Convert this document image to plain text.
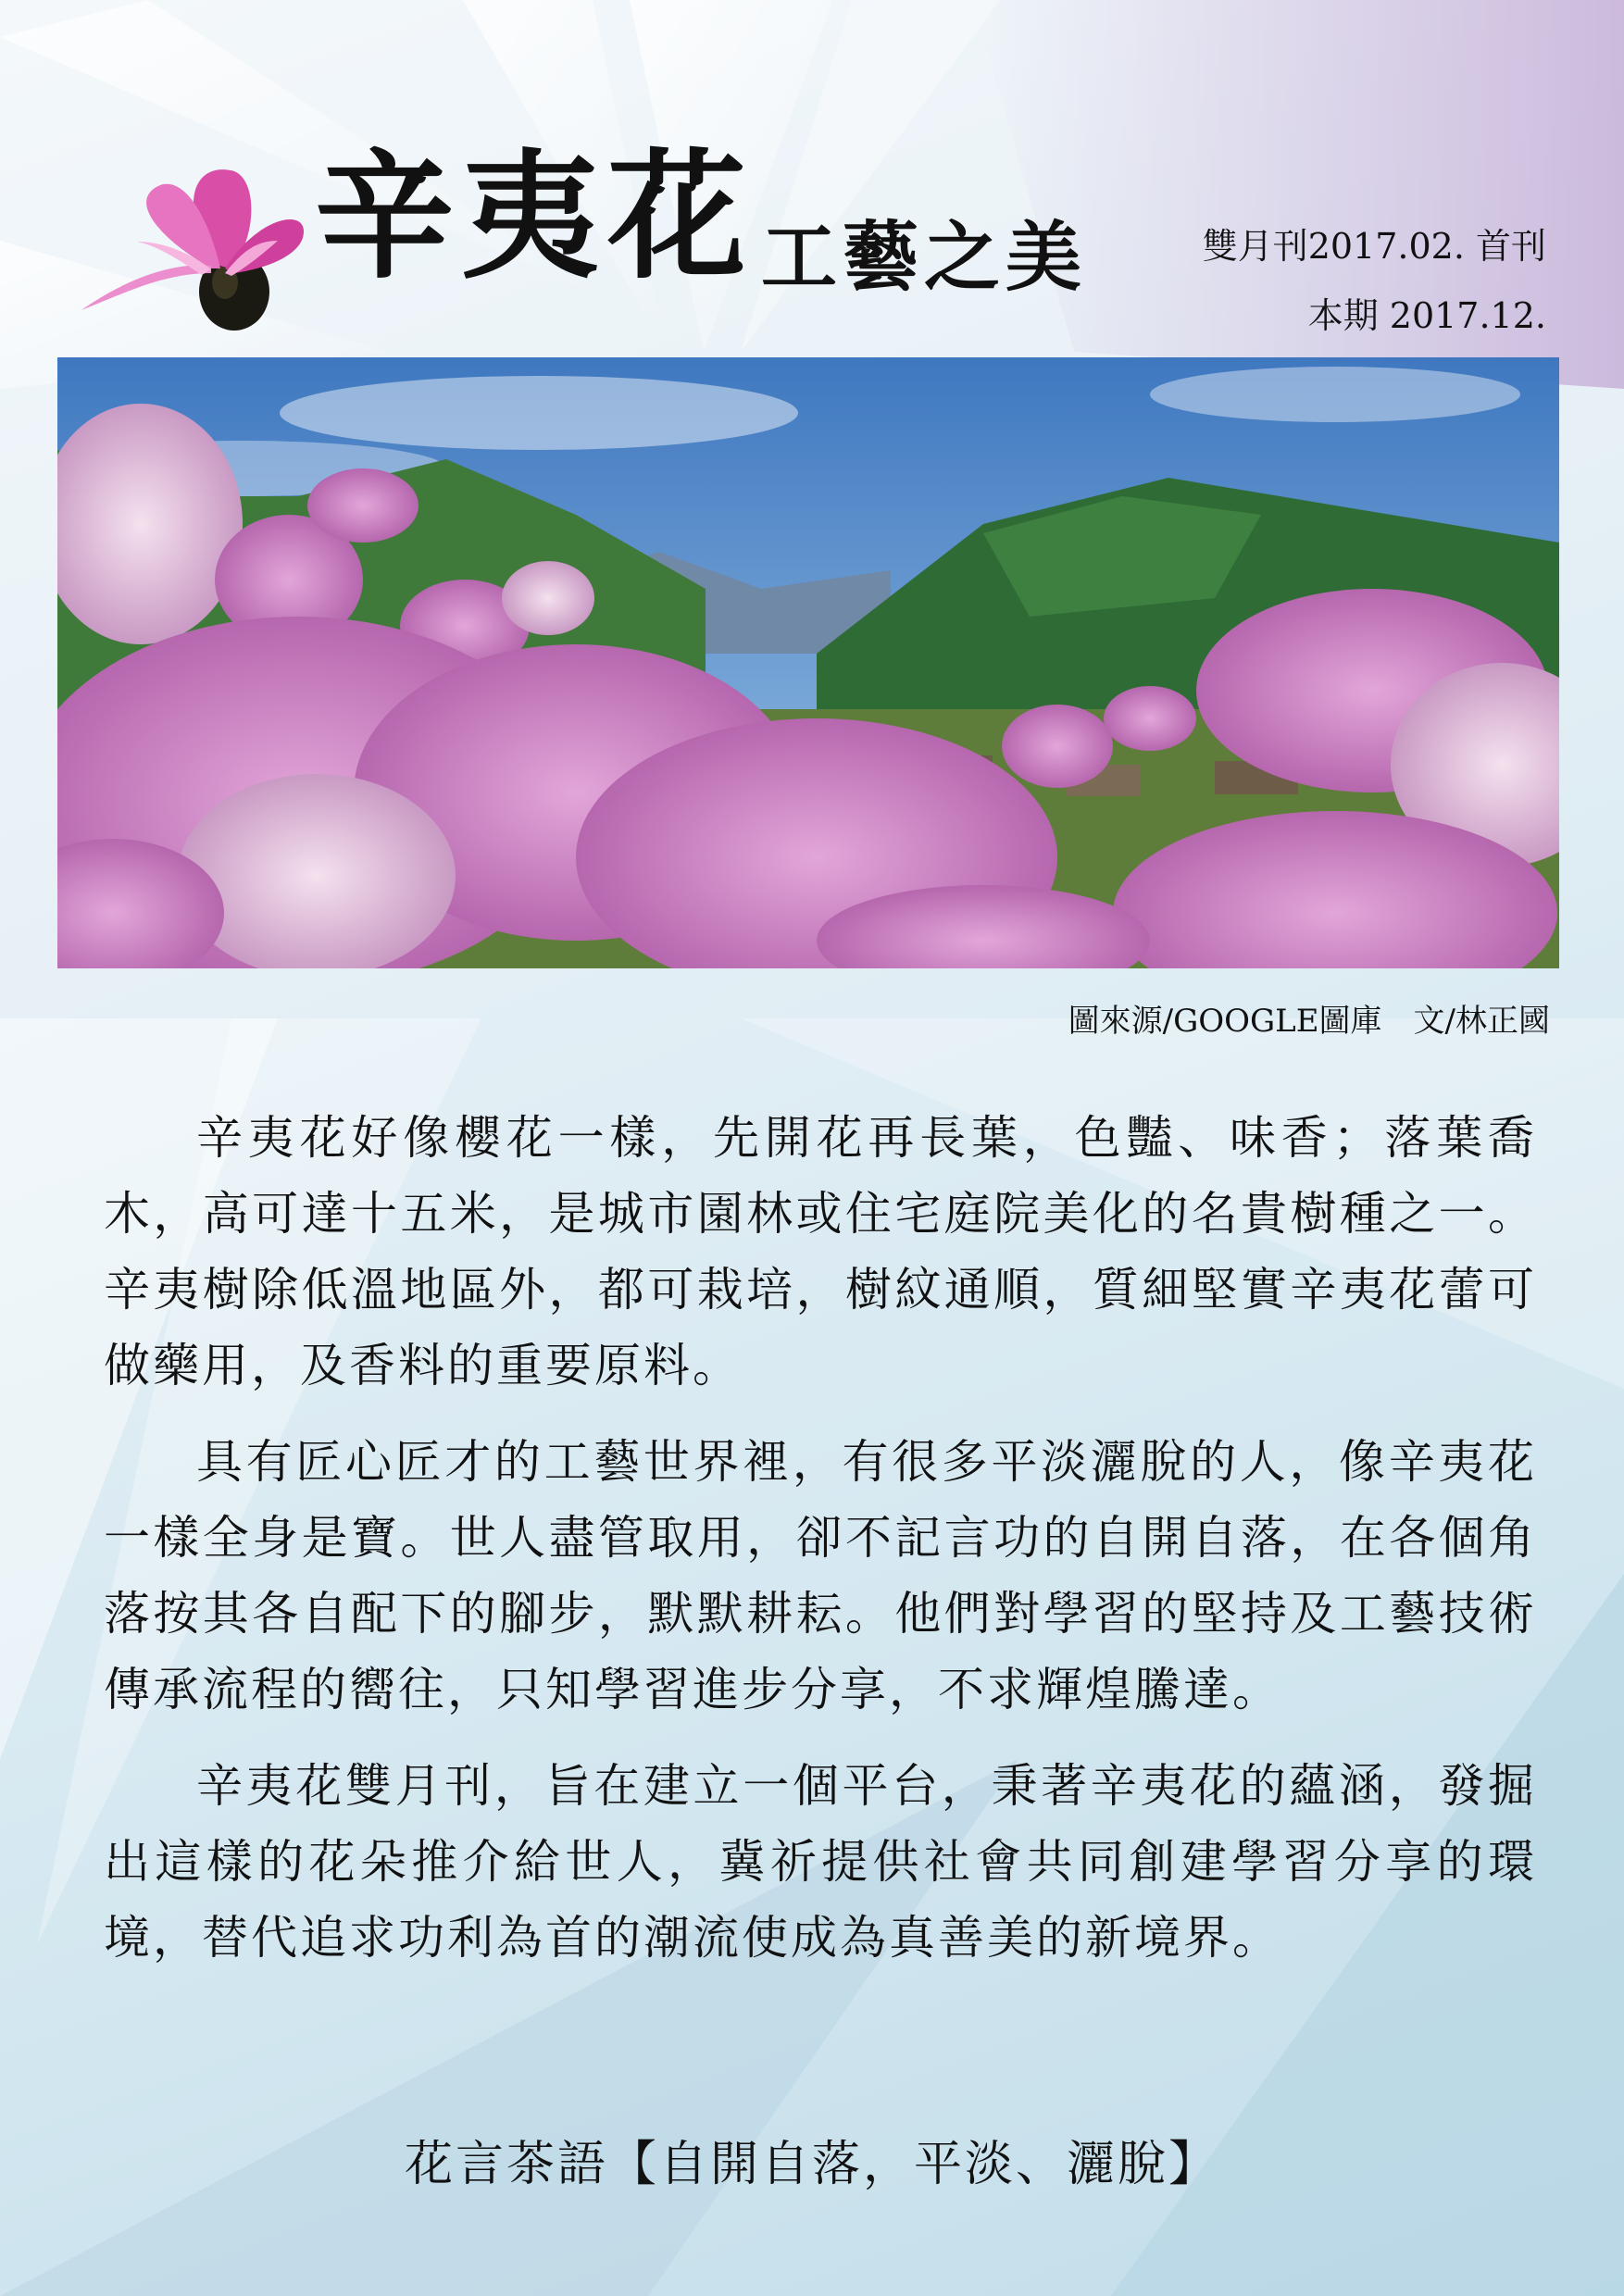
辛夷花 工藝之美	雙月刊2017.02. 首刊
本期 2017.12.
圖來源/GOOGLE圖庫　文/林正國

辛夷花好像櫻花一樣，先開花再長葉，色豔、味香；落葉喬木，高可達十五米，是城市園林或住宅庭院美化的名貴樹種之一。辛夷樹除低溫地區外，都可栽培，樹紋通順，質細堅實辛夷花蕾可做藥用，及香料的重要原料。

具有匠心匠才的工藝世界裡，有很多平淡灑脫的人，像辛夷花一樣全身是寶。世人盡管取用，卻不記言功的自開自落，在各個角落按其各自配下的腳步，默默耕耘。他們對學習的堅持及工藝技術傳承流程的嚮往，只知學習進步分享，不求輝煌騰達。

辛夷花雙月刊，旨在建立一個平台，秉著辛夷花的蘊涵，發掘出這樣的花朵推介給世人，冀祈提供社會共同創建學習分享的環境，替代追求功利為首的潮流使成為真善美的新境界。

花言茶語【自開自落，平淡、灑脫】
